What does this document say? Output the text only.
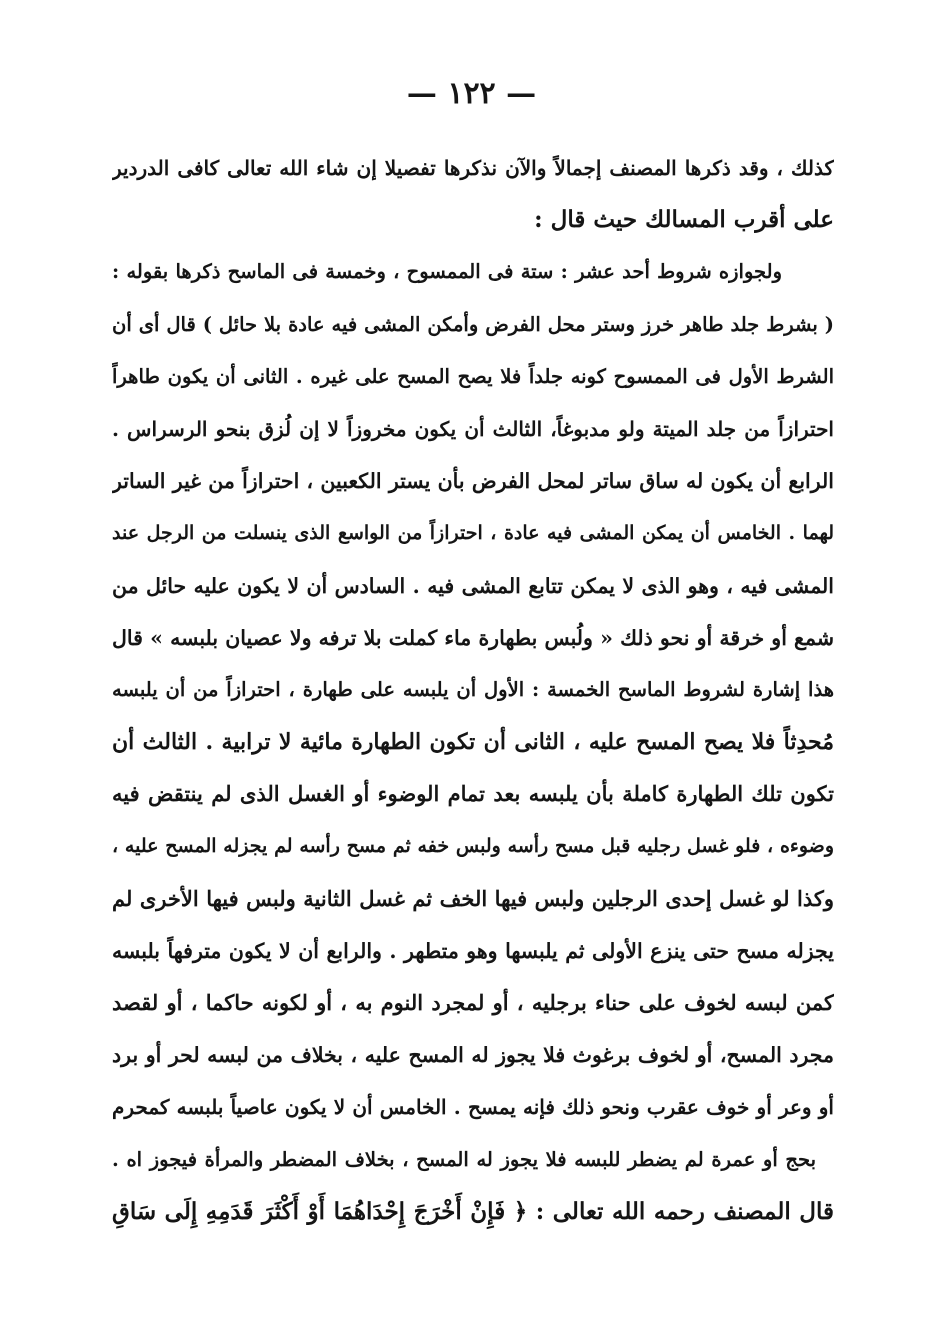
— ١٢٢ —
كذلك ، وقد ذكرها المصنف إجمالاً والآن نذكرها تفصيلا إن شاء الله تعالى كافى الدردير
على أقرب المسالك حيث قال :
ولجوازه شروط أحد عشر : ستة فى الممسوح ، وخمسة فى الماسح ذكرها بقوله :
( بشرط جلد طاهر خرز وستر محل الفرض وأمكن المشى فيه عادة بلا حائل ) قال أى أن
الشرط الأول فى الممسوح كونه جلداً فلا يصح المسح على غيره . الثانى أن يكون طاهراً
احترازاً من جلد الميتة ولو مدبوغاً، الثالث أن يكون مخروزاً لا إن لُزق بنحو الرسراس .
الرابع أن يكون له ساق ساتر لمحل الفرض بأن يستر الكعبين ، احترازاً من غير الساتر
لهما . الخامس أن يمكن المشى فيه عادة ، احترازاً من الواسع الذى ينسلت من الرجل عند
المشى فيه ، وهو الذى لا يمكن تتابع المشى فيه . السادس أن لا يكون عليه حائل من
شمع أو خرقة أو نحو ذلك « ولُبس بطهارة ماء كملت بلا ترفه ولا عصيان بلبسه » قال
هذا إشارة لشروط الماسح الخمسة : الأول أن يلبسه على طهارة ، احترازاً من أن يلبسه
مُحدِثاً فلا يصح المسح عليه ، الثانى أن تكون الطهارة مائية لا ترابية . الثالث أن
تكون تلك الطهارة كاملة بأن يلبسه بعد تمام الوضوء أو الغسل الذى لم ينتقض فيه
وضوءه ، فلو غسل رجليه قبل مسح رأسه ولبس خفه ثم مسح رأسه لم يجزله المسح عليه ،
وكذا لو غسل إحدى الرجلين ولبس فيها الخف ثم غسل الثانية ولبس فيها الأخرى لم
يجزله مسح حتى ينزع الأولى ثم يلبسها وهو متطهر . والرابع أن لا يكون مترفهاً بلبسه
كمن لبسه لخوف على حناء برجليه ، أو لمجرد النوم به ، أو لكونه حاكما ، أو لقصد
مجرد المسح، أو لخوف برغوث فلا يجوز له المسح عليه ، بخلاف من لبسه لحر أو برد
أو وعر أو خوف عقرب ونحو ذلك فإنه يمسح . الخامس أن لا يكون عاصياً بلبسه كمحرم
بحج أو عمرة لم يضطر للبسه فلا يجوز له المسح ، بخلاف المضطر والمرأة فيجوز اه .
قال المصنف رحمه الله تعالى : ﴿ فَإِنْ أَخْرَجَ إِحْدَاهُمَا أَوْ أَكْثَرَ قَدَمِهِ إِلَى سَاقِ
